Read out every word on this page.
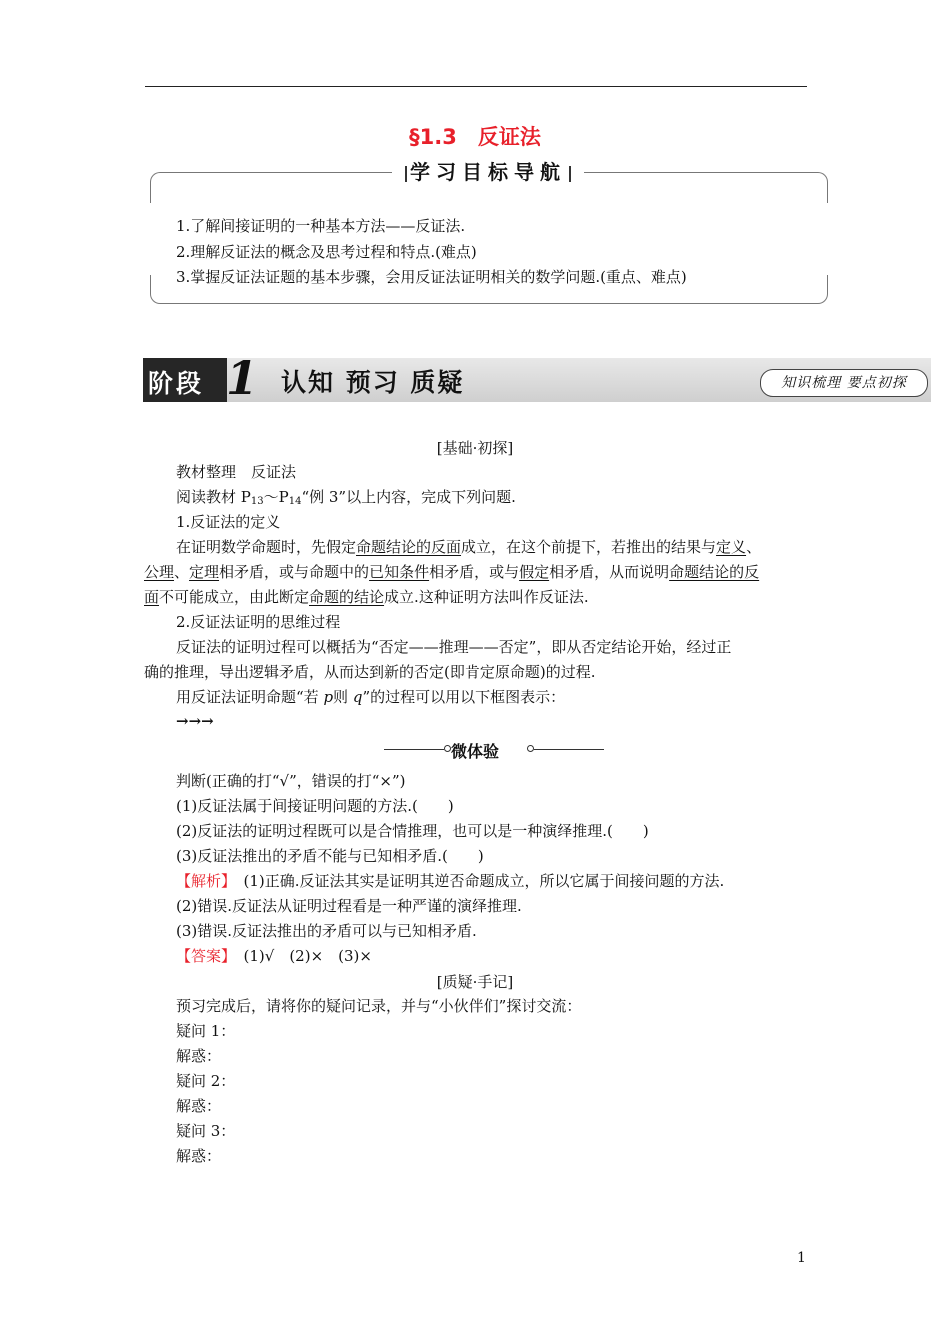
§1.3　反证法
学习目标导航
1.了解间接证明的一种基本方法——反证法.
2.理解反证法的概念及思考过程和特点.(难点)
3.掌握反证法证题的基本步骤，会用反证法证明相关的数学问题.(重点、难点)
阶段 1 认知 预习 质疑	知识梳理 要点初探
[基础·初探]
教材整理　反证法
阅读教材 $P_{13}\sim P_{14}“$例 3”以上内容，完成下列问题.
1.反证法的定义
在证明数学命题时，先假定命题结论的反面成立，在这个前提下，若推出的结果与定义、
公理、定理相矛盾，或与命题中的已知条件相矛盾，或与假定相矛盾，从而说明命题结论的反
面不可能成立，由此断定命题的结论成立.这种证明方法叫作反证法.
2.反证法证明的思维过程
反证法的证明过程可以概括为“否定——推理——否定”，即从否定结论开始，经过正
确的推理，导出逻辑矛盾，从而达到新的否定(即肯定原命题)的过程.
用反证法证明命题“若 p则 q”的过程可以用以下框图表示：
→→→
微体验
判断(正确的打“√”，错误的打“×”)
(1)反证法属于间接证明问题的方法.(　　)
(2)反证法的证明过程既可以是合情推理，也可以是一种演绎推理.(　　)
(3)反证法推出的矛盾不能与已知相矛盾.(　　)
【解析】　(1)正确.反证法其实是证明其逆否命题成立，所以它属于间接问题的方法.
(2)错误.反证法从证明过程看是一种严谨的演绎推理.
(3)错误.反证法推出的矛盾可以与已知相矛盾.
【答案】　(1)√　(2)×　(3)×
[质疑·手记]
预习完成后，请将你的疑问记录，并与“小伙伴们”探讨交流：
疑问 1：
解惑：
疑问 2：
解惑：
疑问 3：
解惑：
1
